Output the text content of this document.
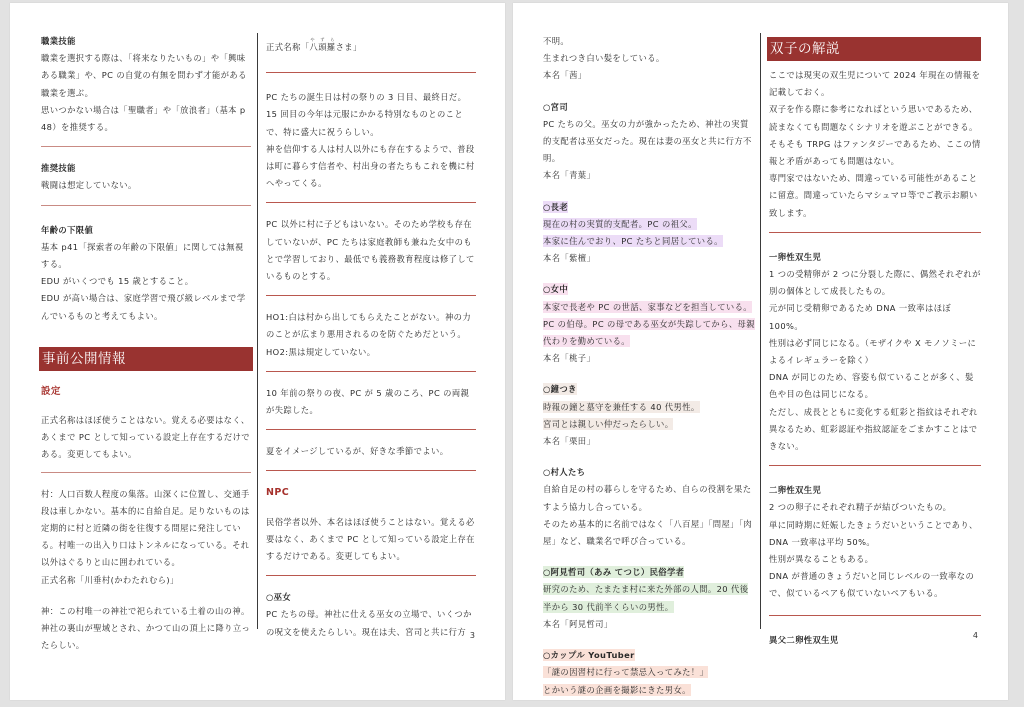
職業技能

職業を選択する際は、「将来なりたいもの」や「興味ある職業」や、PC の自覚の有無を問わず才能がある職業を選ぶ。

思いつかない場合は「聖職者」や「放浪者」（基本 p 48）を推奨する。

推奨技能

戦闘は想定していない。

年齢の下限値

基本 p41「探索者の年齢の下限値」に関しては無視する。

EDU がいくつでも 15 歳とすること。

EDU が高い場合は、家庭学習で飛び級レベルまで学んでいるものと考えてもよい。

事前公開情報
設定

正式名称はほぼ使うことはない。覚える必要はなく、あくまで PC として知っている設定上存在するだけである。変更してもよい。

村：人口百数人程度の集落。山深くに位置し、交通手段は車しかない。基本的に自給自足。足りないものは定期的に村と近隣の街を往復する問屋に発注している。村唯一の出入り口はトンネルになっている。それ以外はぐるりと山に囲われている。

正式名称「川垂村(かわたれむら)」

神：この村唯一の神社で祀られている土着の山の神。神社の裏山が聖域とされ、かつて山の頂上に降り立ったらしい。

正式名称「八頭羅や ず らさま」

PC たちの誕生日は村の祭りの 3 日目、最終日だ。15 回目の今年は元服にかかる特別なものとのことで、特に盛大に祝うらしい。

神を信仰する人は村人以外にも存在するようで、普段は町に暮らす信者や、村出身の者たちもこれを機に村へやってくる。

PC 以外に村に子どもはいない。そのため学校も存在していないが、PC たちは家庭教師も兼ねた女中のもとで学習しており、最低でも義務教育程度は修了しているものとする。

HO1:白は村から出してもらえたことがない。神の力のことが広まり悪用されるのを防ぐためだという。

HO2:黒は規定していない。

10 年前の祭りの夜、PC が 5 歳のころ、PC の両親が失踪した。

夏をイメージしているが、好きな季節でよい。

NPC

民俗学者以外、本名はほぼ使うことはない。覚える必要はなく、あくまで PC として知っている設定上存在するだけである。変更してもよい。

○巫女

PC たちの母。神社に仕える巫女の立場で、いくつかの呪文を使えたらしい。現在は夫、宮司と共に行方 3

不明。

生まれつき白い髪をしている。

本名「茜」

○宮司

PC たちの父。巫女の力が強かったため、神社の実質的支配者は巫女だった。現在は妻の巫女と共に行方不明。

本名「青葉」

○長老

現在の村の実質的支配者。PC の祖父。

本家に住んでおり、PC たちと同居している。

本名「紫檀」

○女中

本家で長老や PC の世話、家事などを担当している。

PC の伯母。PC の母である巫女が失踪してから、母親代わりを勤めている。

本名「桃子」

○鐘つき

時報の鐘と墓守を兼任する 40 代男性。

宮司とは親しい仲だったらしい。

本名「栗田」

○村人たち

自給自足の村の暮らしを守るため、自らの役割を果たすよう協力し合っている。

そのため基本的に名前ではなく「八百屋」「問屋」「肉屋」など、職業名で呼び合っている。

○阿見哲司（あみ てつじ）民俗学者

研究のため、たまたま村に来た外部の人間。20 代後半から 30 代前半くらいの男性。

本名「阿見哲司」

○カップル YouTuber

「謎の因習村に行って禁忌入ってみた！」

とかいう謎の企画を撮影にきた男女。

双子の解説

ここでは現実の双生児について 2024 年現在の情報を記載しておく。

双子を作る際に参考になればという思いであるため、読まなくても問題なくシナリオを遊ぶことができる。そもそも TRPG はファンタジーであるため、ここの情報と矛盾があっても問題はない。

専門家ではないため、間違っている可能性があることに留意。間違っていたらマシュマロ等でご教示お願い致します。

一卵性双生児

1 つの受精卵が 2 つに分裂した際に、偶然それぞれが別の個体として成長したもの。

元が同じ受精卵であるため DNA 一致率はほぼ 100%。

性別は必ず同じになる。（モザイクや X モノソミーによるイレギュラーを除く）

DNA が同じのため、容姿も似ていることが多く、髪色や目の色は同じになる。

ただし、成長とともに変化する虹彩と指紋はそれぞれ異なるため、虹彩認証や指紋認証をごまかすことはできない。

二卵性双生児

2 つの卵子にそれぞれ精子が結びついたもの。

単に同時期に妊娠したきょうだいということであり、DNA 一致率は平均 50%。

性別が異なることもある。

DNA が普通のきょうだいと同じレベルの一致率なので、似ているペアも似ていないペアもいる。

異父二卵性双生児	4
